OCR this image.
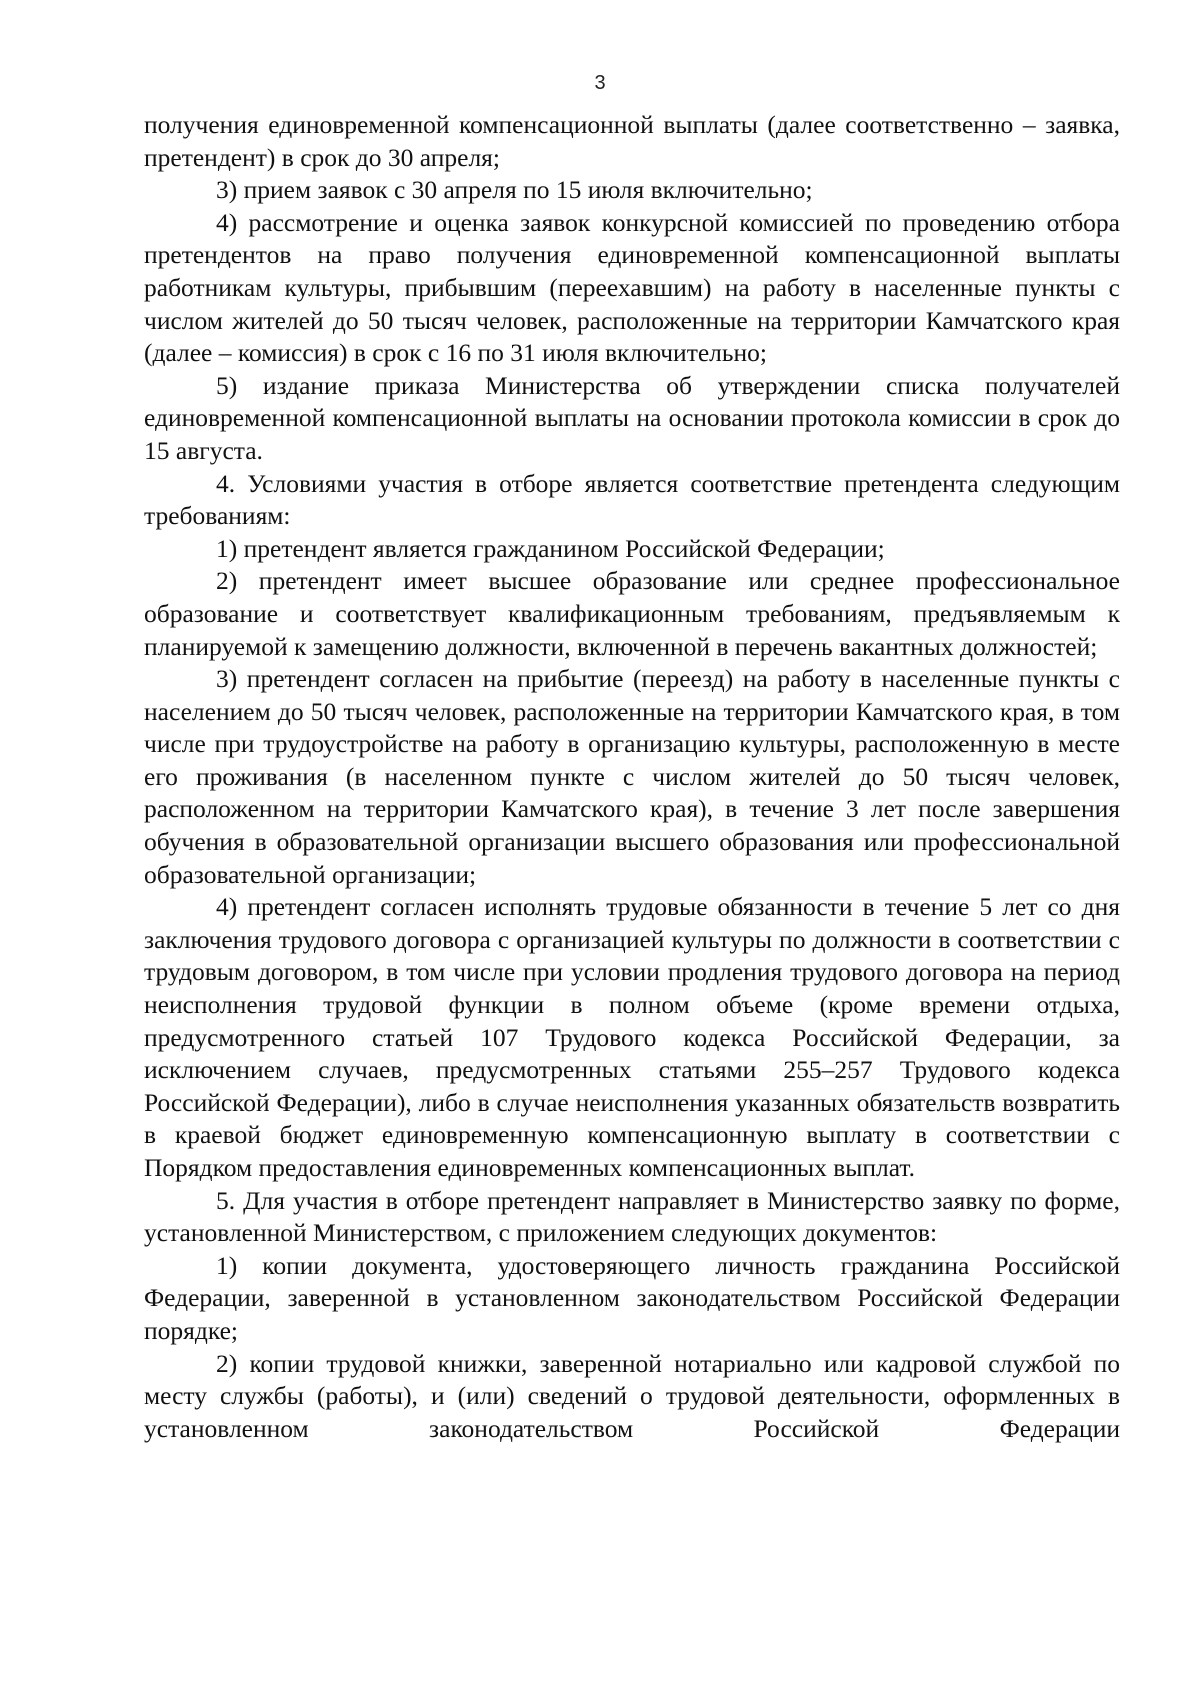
3

получения единовременной компенсационной выплаты (далее соответственно – заявка, претендент) в срок до 30 апреля;

3) прием заявок с 30 апреля по 15 июля включительно;

4) рассмотрение и оценка заявок конкурсной комиссией по проведению отбора претендентов на право получения единовременной компенсационной выплаты работникам культуры, прибывшим (переехавшим) на работу в населенные пункты с числом жителей до 50 тысяч человек, расположенные на территории Камчатского края (далее – комиссия) в срок с 16 по 31 июля включительно;

5) издание приказа Министерства об утверждении списка получателей единовременной компенсационной выплаты на основании протокола комиссии в срок до 15 августа.

4. Условиями участия в отборе является соответствие претендента следующим требованиям:

1) претендент является гражданином Российской Федерации;

2) претендент имеет высшее образование или среднее профессиональное образование и соответствует квалификационным требованиям, предъявляемым к планируемой к замещению должности, включенной в перечень вакантных должностей;

3) претендент согласен на прибытие (переезд) на работу в населенные пункты с населением до 50 тысяч человек, расположенные на территории Камчатского края, в том числе при трудоустройстве на работу в организацию культуры, расположенную в месте его проживания (в населенном пункте с числом жителей до 50 тысяч человек, расположенном на территории Камчатского края), в течение 3 лет после завершения обучения в образовательной организации высшего образования или профессиональной образовательной организации;

4) претендент согласен исполнять трудовые обязанности в течение 5 лет со дня заключения трудового договора с организацией культуры по должности в соответствии с трудовым договором, в том числе при условии продления трудового договора на период неисполнения трудовой функции в полном объеме (кроме времени отдыха, предусмотренного статьей 107 Трудового кодекса Российской Федерации, за исключением случаев, предусмотренных статьями 255–257 Трудового кодекса Российской Федерации), либо в случае неисполнения указанных обязательств возвратить в краевой бюджет единовременную компенсационную выплату в соответствии с Порядком предоставления единовременных компенсационных выплат.

5. Для участия в отборе претендент направляет в Министерство заявку по форме, установленной Министерством, с приложением следующих документов:

1) копии документа, удостоверяющего личность гражданина Российской Федерации, заверенной в установленном законодательством Российской Федерации порядке;

2) копии трудовой книжки, заверенной нотариально или кадровой службой по месту службы (работы), и (или) сведений о трудовой деятельности, оформленных в установленном законодательством Российской Федерации
